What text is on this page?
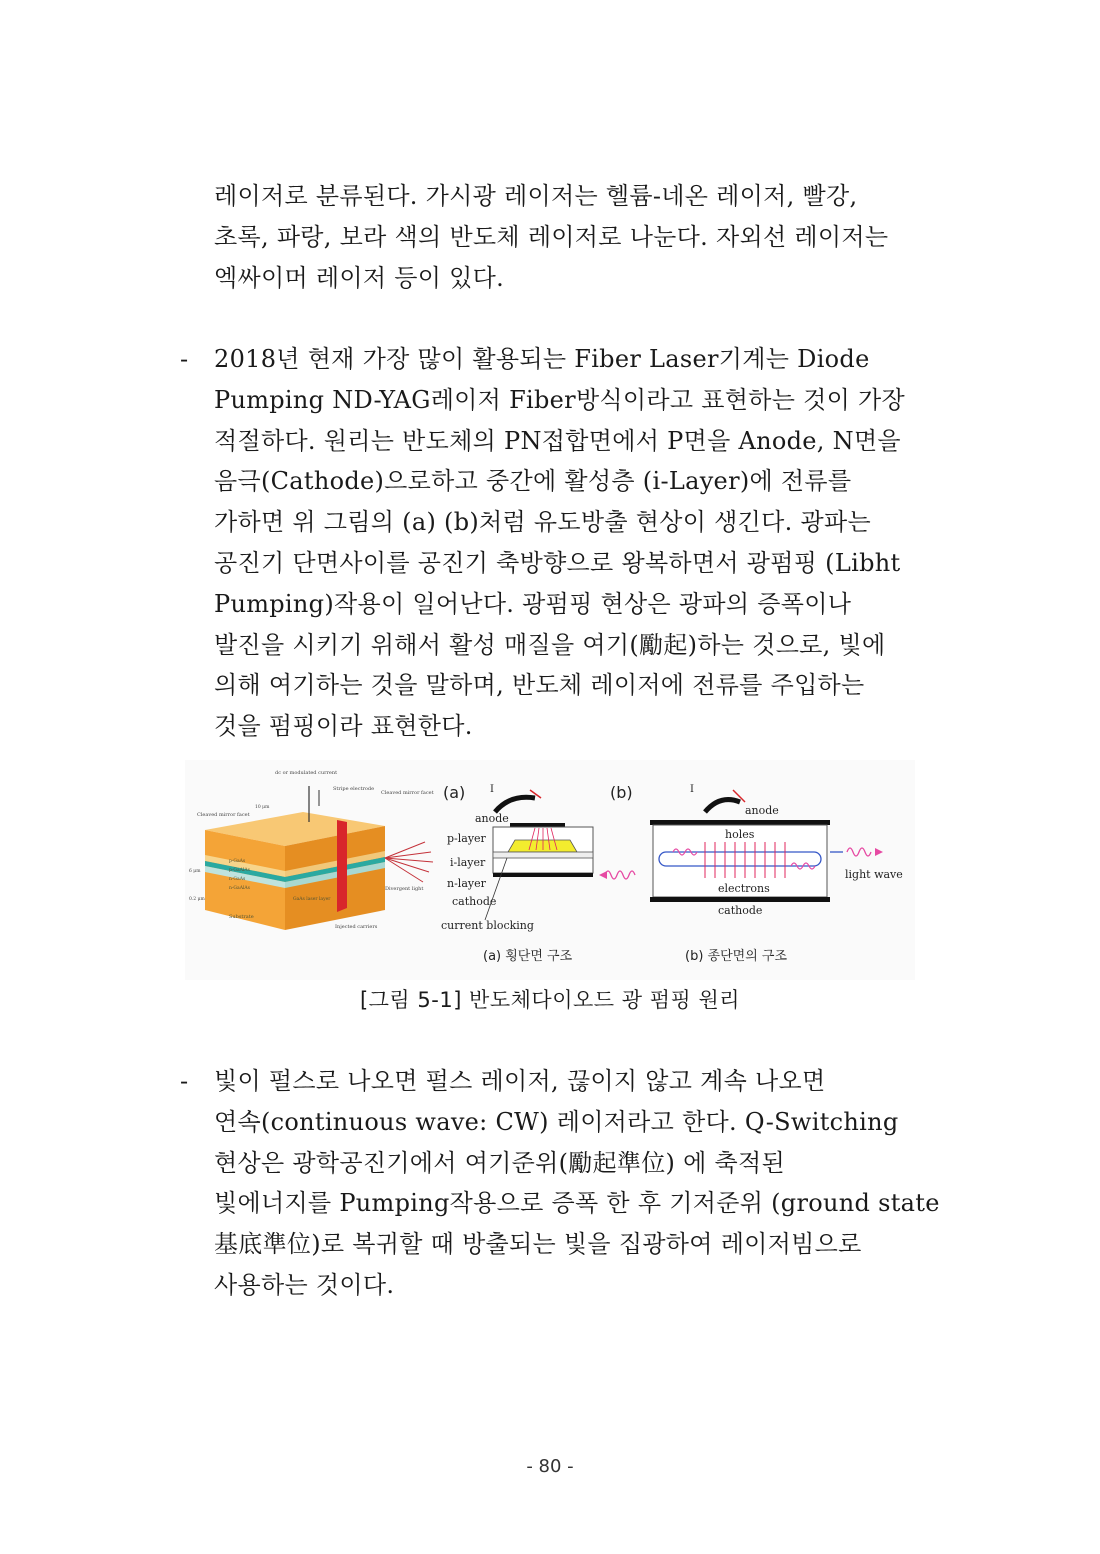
레이저로 분류된다. 가시광 레이저는 헬륨-네온 레이저, 빨강,
초록, 파랑, 보라 색의 반도체 레이저로 나눈다. 자외선 레이저는
엑싸이머 레이저 등이 있다.
- 2018년 현재 가장 많이 활용되는 Fiber Laser기계는 Diode
Pumping ND-YAG레이저 Fiber방식이라고 표현하는 것이 가장
적절하다. 원리는 반도체의 PN접합면에서 P면을 Anode, N면을
음극(Cathode)으로하고 중간에 활성층 (i-Layer)에 전류를
가하면 위 그림의 (a) (b)처럼 유도방출 현상이 생긴다. 광파는
공진기 단면사이를 공진기 축방향으로 왕복하면서 광펌핑 (Libht
Pumping)작용이 일어난다. 광펌핑 현상은 광파의 증폭이나
발진을 시키기 위해서 활성 매질을 여기(勵起)하는 것으로, 빛에
의해 여기하는 것을 말하며, 반도체 레이저에 전류를 주입하는
것을 펌핑이라 표현한다.
dc or modulated current
Stripe electrode
Cleaved mirror facet
Cleaved mirror facet
p-GaAs
p-GaAlAs
n-GaAs
n-GaAlAs
GaAs laser layer
Substrate
Divergent light
Injected carriers
10 μm
0.2 μm
6 μm
(a) I
anode
p-layer
i-layer
n-layer
cathode
current blocking
(a) 횡단면 구조
(b)	I
anode
holes
electrons
cathode
light wave
(b) 종단면의 구조
[그림 5-1] 반도체다이오드 광 펌핑 원리
- 빛이 펄스로 나오면 펄스 레이저, 끊이지 않고 계속 나오면
연속(continuous wave: CW) 레이저라고 한다. Q-Switching
현상은 광학공진기에서 여기준위(勵起準位) 에 축적된
빛에너지를 Pumping작용으로 증폭 한 후 기저준위 (ground state
基底準位)로 복귀할 때 방출되는 빛을 집광하여 레이저빔으로
사용하는 것이다.
- 80 -
